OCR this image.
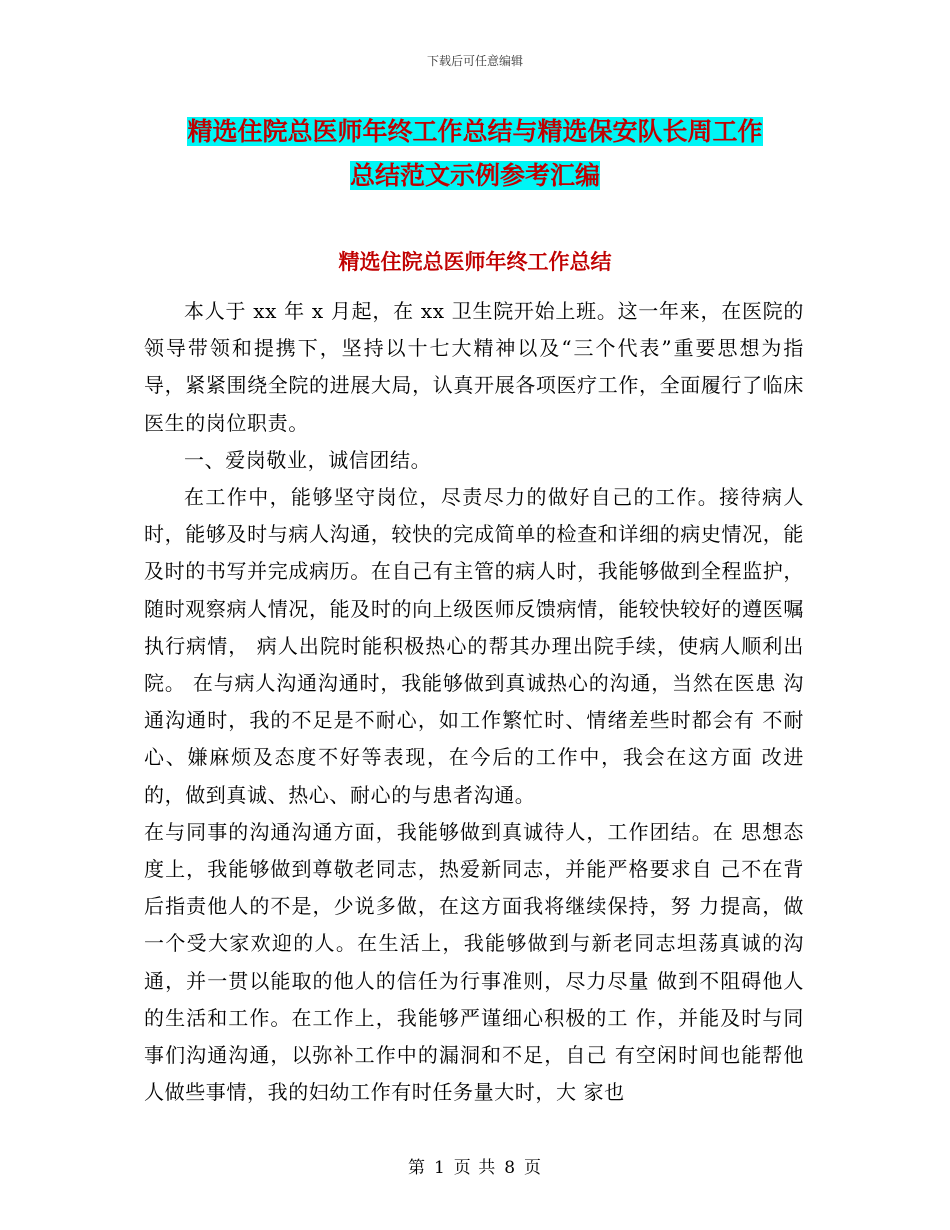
下载后可任意编辑
精选住院总医师年终工作总结与精选保安队长周工作
总结范文示例参考汇编
精选住院总医师年终工作总结

本人于 xx 年 x 月起，在 xx 卫生院开始上班。这一年来，在医院的领导带领和提携下，坚持以十七大精神以及“三个代表”重要思想为指导，紧紧围绕全院的进展大局，认真开展各项医疗工作，全面履行了临床医生的岗位职责。

一、爱岗敬业，诚信团结。

在工作中，能够坚守岗位，尽责尽力的做好自己的工作。接待病人时，能够及时与病人沟通，较快的完成简单的检查和详细的病史情况，能及时的书写并完成病历。在自己有主管的病人时，我能够做到全程监护，随时观察病人情况，能及时的向上级医师反馈病情，能较快较好的遵医嘱执行病情， 病人出院时能积极热心的帮其办理出院手续，使病人顺利出院。 在与病人沟通沟通时，我能够做到真诚热心的沟通，当然在医患 沟通沟通时，我的不足是不耐心，如工作繁忙时、情绪差些时都会有 不耐心、嫌麻烦及态度不好等表现，在今后的工作中，我会在这方面 改进的，做到真诚、热心、耐心的与患者沟通。

在与同事的沟通沟通方面，我能够做到真诚待人，工作团结。在 思想态度上，我能够做到尊敬老同志，热爱新同志，并能严格要求自 己不在背后指责他人的不是，少说多做，在这方面我将继续保持，努 力提高，做一个受大家欢迎的人。在生活上，我能够做到与新老同志坦荡真诚的沟通，并一贯以能取的他人的信任为行事准则，尽力尽量 做到不阻碍他人的生活和工作。在工作上，我能够严谨细心积极的工 作，并能及时与同事们沟通沟通，以弥补工作中的漏洞和不足，自己 有空闲时间也能帮他人做些事情，我的妇幼工作有时任务量大时，大 家也

第 1 页 共 8 页
